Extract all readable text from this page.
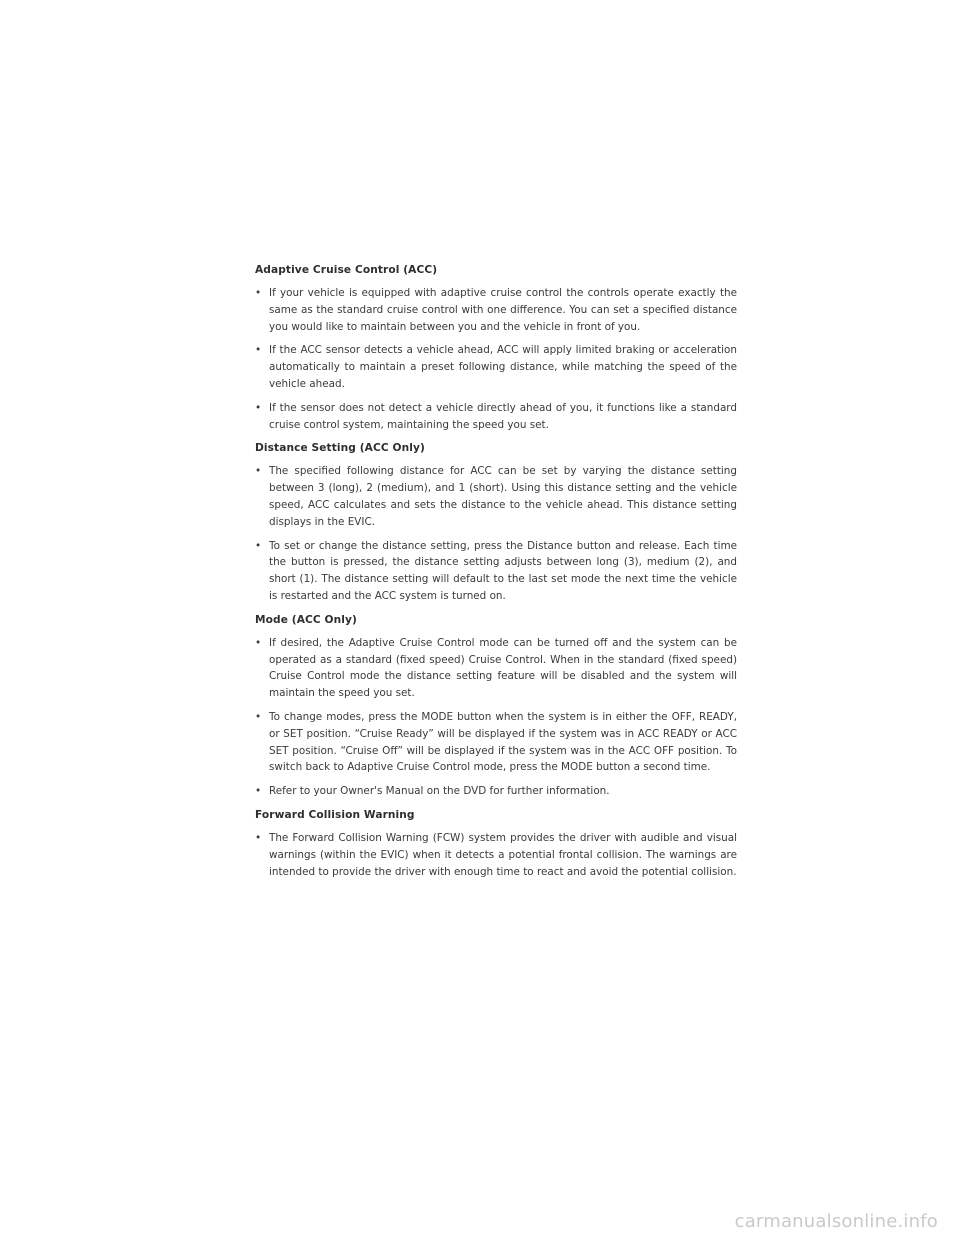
Adaptive Cruise Control (ACC)
• If your vehicle is equipped with adaptive cruise control the controls operate exactly the same as the standard cruise control with one difference. You can set a specified distance you would like to maintain between you and the vehicle in front of you.
• If the ACC sensor detects a vehicle ahead, ACC will apply limited braking or acceleration automatically to maintain a preset following distance, while matching the speed of the vehicle ahead.
• If the sensor does not detect a vehicle directly ahead of you, it functions like a standard cruise control system, maintaining the speed you set.
Distance Setting (ACC Only)
• The specified following distance for ACC can be set by varying the distance setting between 3 (long), 2 (medium), and 1 (short). Using this distance setting and the vehicle speed, ACC calculates and sets the distance to the vehicle ahead. This distance setting displays in the EVIC.
• To set or change the distance setting, press the Distance button and release. Each time the button is pressed, the distance setting adjusts between long (3), medium (2), and short (1). The distance setting will default to the last set mode the next time the vehicle is restarted and the ACC system is turned on.
Mode (ACC Only)
• If desired, the Adaptive Cruise Control mode can be turned off and the system can be operated as a standard (fixed speed) Cruise Control. When in the standard (fixed speed) Cruise Control mode the distance setting feature will be disabled and the system will maintain the speed you set.
• To change modes, press the MODE button when the system is in either the OFF, READY, or SET position. “Cruise Ready” will be displayed if the system was in ACC READY or ACC SET position. “Cruise Off” will be displayed if the system was in the ACC OFF position. To switch back to Adaptive Cruise Control mode, press the MODE button a second time.
• Refer to your Owner's Manual on the DVD for further information.
Forward Collision Warning
• The Forward Collision Warning (FCW) system provides the driver with audible and visual warnings (within the EVIC) when it detects a potential frontal collision. The warnings are intended to provide the driver with enough time to react and avoid the potential collision.
carmanualsonline.info
